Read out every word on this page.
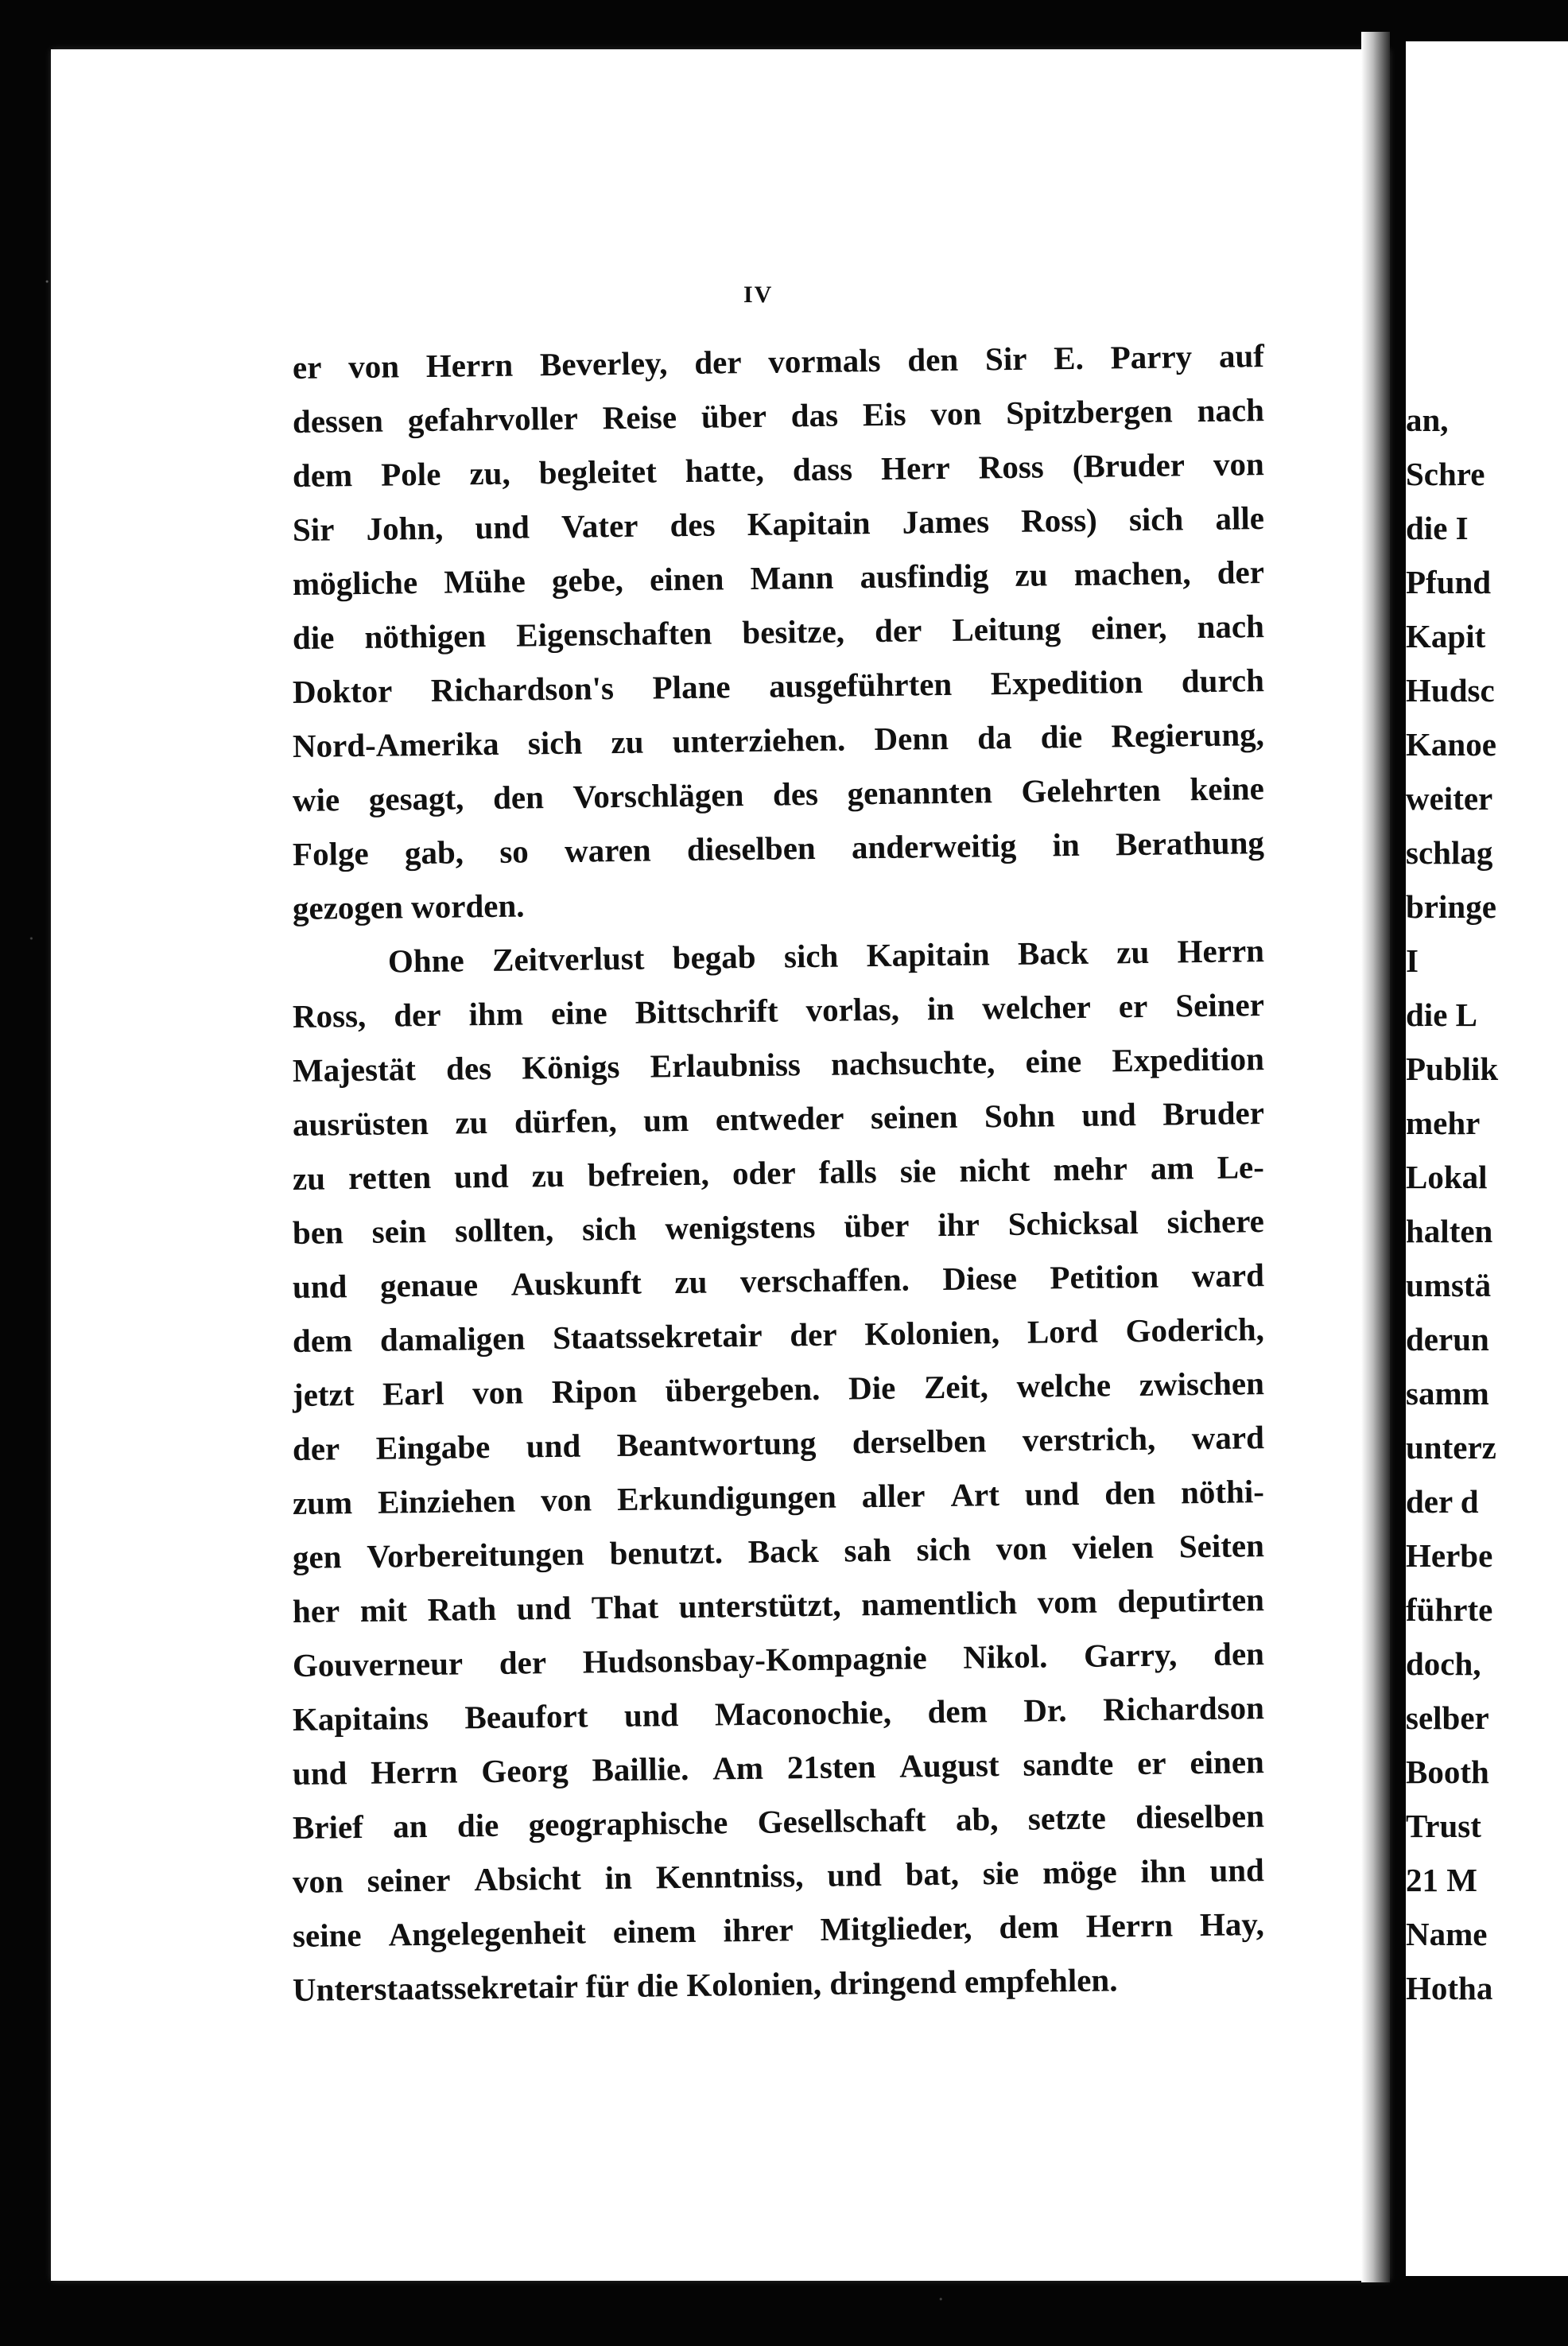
an,
Schre
die I
Pfund
Kapit
Hudsc
Kanoe
weiter
schlag
bringe
I
die L
Publik
mehr
Lokal
halten
umstä
derun
samm
unterz
der d
Herbe
führte
doch,
selber
Booth
Trust
21 M
Name
Hotha
IV
er von Herrn Beverley, der vormals den Sir E. Parry auf
dessen gefahrvoller Reise über das Eis von Spitzbergen nach
dem Pole zu, begleitet hatte, dass Herr Ross (Bruder von
Sir John, und Vater des Kapitain James Ross) sich alle
mögliche Mühe gebe, einen Mann ausfindig zu machen, der
die nöthigen Eigenschaften besitze, der Leitung einer, nach
Doktor Richardson's Plane ausgeführten Expedition durch
Nord-Amerika sich zu unterziehen. Denn da die Regierung,
wie gesagt, den Vorschlägen des genannten Gelehrten keine
Folge gab, so waren dieselben anderweitig in Berathung
gezogen worden.
Ohne Zeitverlust begab sich Kapitain Back zu Herrn
Ross, der ihm eine Bittschrift vorlas, in welcher er Seiner
Majestät des Königs Erlaubniss nachsuchte, eine Expedition
ausrüsten zu dürfen, um entweder seinen Sohn und Bruder
zu retten und zu befreien, oder falls sie nicht mehr am Le-
ben sein sollten, sich wenigstens über ihr Schicksal sichere
und genaue Auskunft zu verschaffen. Diese Petition ward
dem damaligen Staatssekretair der Kolonien, Lord Goderich,
jetzt Earl von Ripon übergeben. Die Zeit, welche zwischen
der Eingabe und Beantwortung derselben verstrich, ward
zum Einziehen von Erkundigungen aller Art und den nöthi-
gen Vorbereitungen benutzt. Back sah sich von vielen Seiten
her mit Rath und That unterstützt, namentlich vom deputirten
Gouverneur der Hudsonsbay-Kompagnie Nikol. Garry, den
Kapitains Beaufort und Maconochie, dem Dr. Richardson
und Herrn Georg Baillie. Am 21sten August sandte er einen
Brief an die geographische Gesellschaft ab, setzte dieselben
von seiner Absicht in Kenntniss, und bat, sie möge ihn und
seine Angelegenheit einem ihrer Mitglieder, dem Herrn Hay,
Unterstaatssekretair für die Kolonien, dringend empfehlen.
